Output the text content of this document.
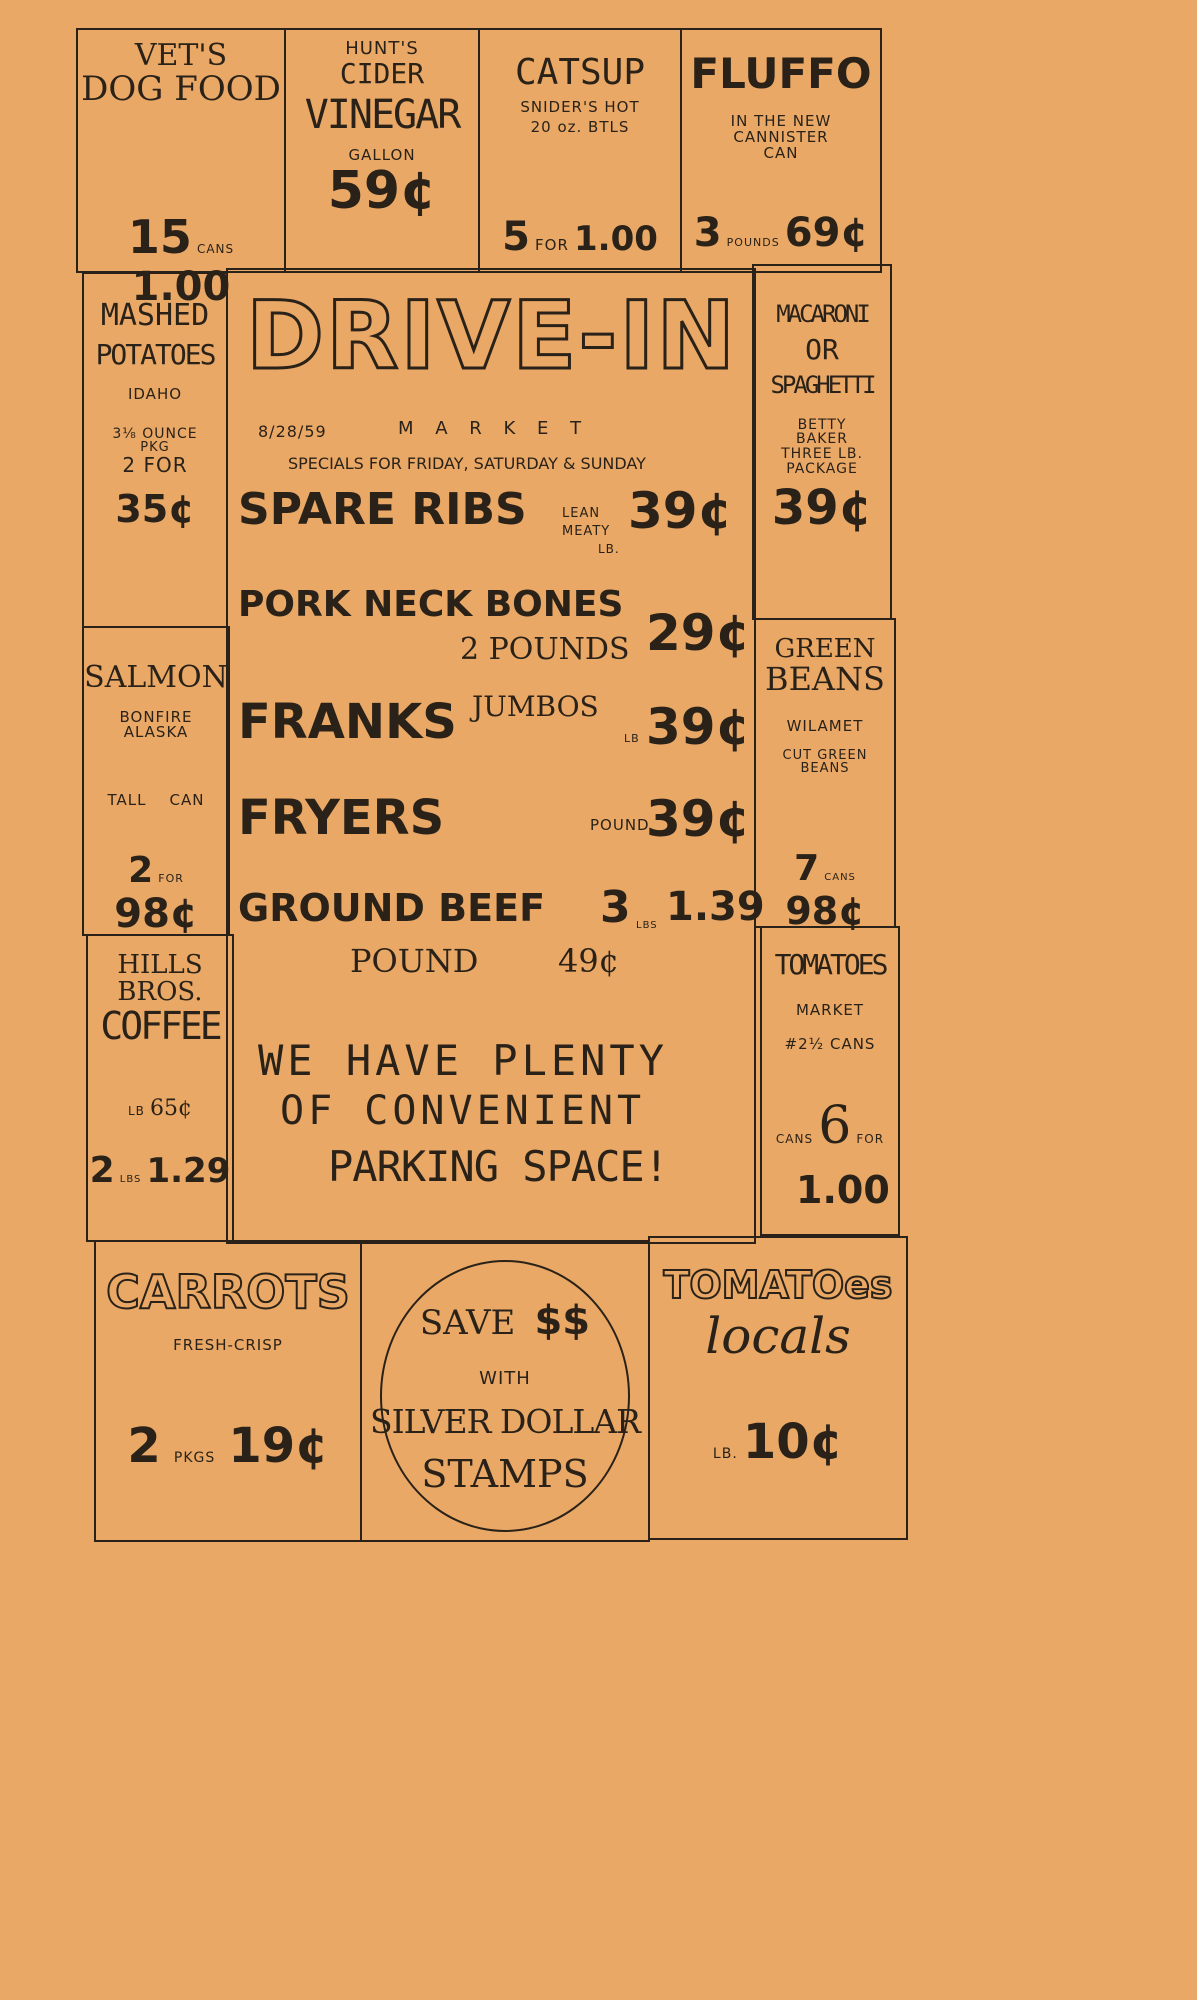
VET'S
DOG FOOD
15 CANS 1.00
HUNT'S
CIDER
VINEGAR
GALLON
59¢
CATSUP
SNIDER'S HOT
20 oz. BTLS
5 FOR 1.00
FLUFFO
IN THE NEW
CANNISTER
CAN
3 POUNDS 69¢
MASHED
POTATOES
IDAHO
3⅛ OUNCE
PKG
2 FOR
35¢
SALMON
BONFIRE
ALASKA
TALL CAN
2 FOR 98¢
HILLS
BROS.
COFFEE
LB 65¢
2 LBS 1.29
DRIVE-IN
8/28/59	M A R K E T
SPECIALS FOR FRIDAY, SATURDAY & SUNDAY
SPARE RIBS	LEAN
MEATY
LB.
39¢
PORK NECK BONES
2 POUNDS 29¢
FRANKS JUMBOS
LB 39¢
FRYERS	POUND
39¢
GROUND BEEF 3 LBS 1.39
POUND 49¢
WE HAVE PLENTY
OF CONVENIENT
PARKING SPACE!
MACARONI
OR
SPAGHETTI
BETTY
BAKER
THREE LB.
PACKAGE
39¢
GREEN
BEANS
WILAMET
CUT GREEN
BEANS
7 CANS 98¢
TOMATOES
MARKET
#2½ CANS
CANS 6 FOR
1.00
CARROTS
FRESH-CRISP
2 PKGS 19¢
SAVE $$
WITH
SILVER DOLLAR
STAMPS
TOMATOes
locals
LB. 10¢
